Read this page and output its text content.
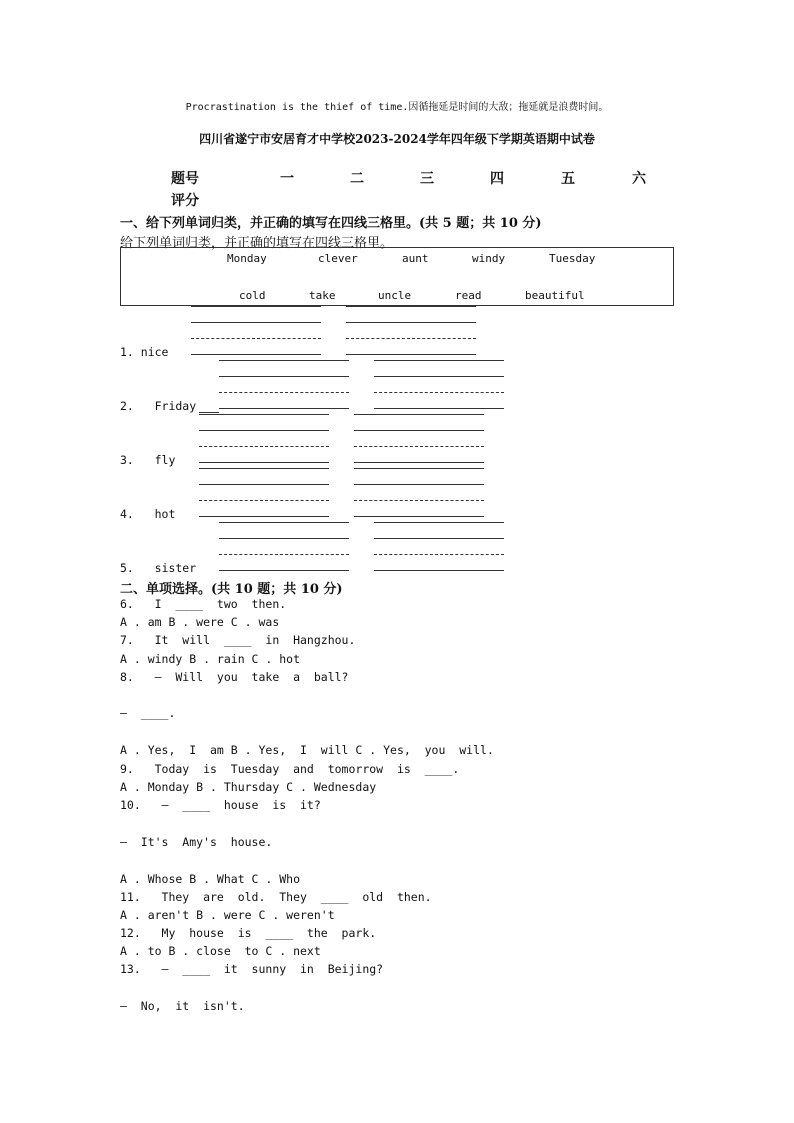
Procrastination is the thief of time.因循拖延是时间的大敌；拖延就是浪费时间。
四川省遂宁市安居育才中学校2023-2024学年四年级下学期英语期中试卷
题号	一	二	三	四	五	六
评分
一、给下列单词归类，并正确的填写在四线三格里。(共 5 题；共 10 分)
给下列单词归类，并正确的填写在四线三格里。
Monday	clever	aunt	windy	Tuesday
cold	take	uncle	read	beautiful
1. nice
2.   Friday
3.   fly
4.   hot
5.   sister
二、单项选择。(共 10 题；共 10 分)
6.   I  ____  two  then.
A . am B . were C . was
7.   It  will  ____  in  Hangzhou.
A . windy B . rain C . hot
8.   —  Will  you  take  a  ball?
—  ____.
A . Yes,  I  am B . Yes,  I  will C . Yes,  you  will.
9.   Today  is  Tuesday  and  tomorrow  is  ____.
A . Monday B . Thursday C . Wednesday
10.   —  ____  house  is  it?
—  It's  Amy's  house.
A . Whose B . What C . Who
11.   They  are  old.  They  ____  old  then.
A . aren't B . were C . weren't
12.   My  house  is  ____  the  park.
A . to B . close  to C . next
13.   —  ____  it  sunny  in  Beijing?
—  No,  it  isn't.
